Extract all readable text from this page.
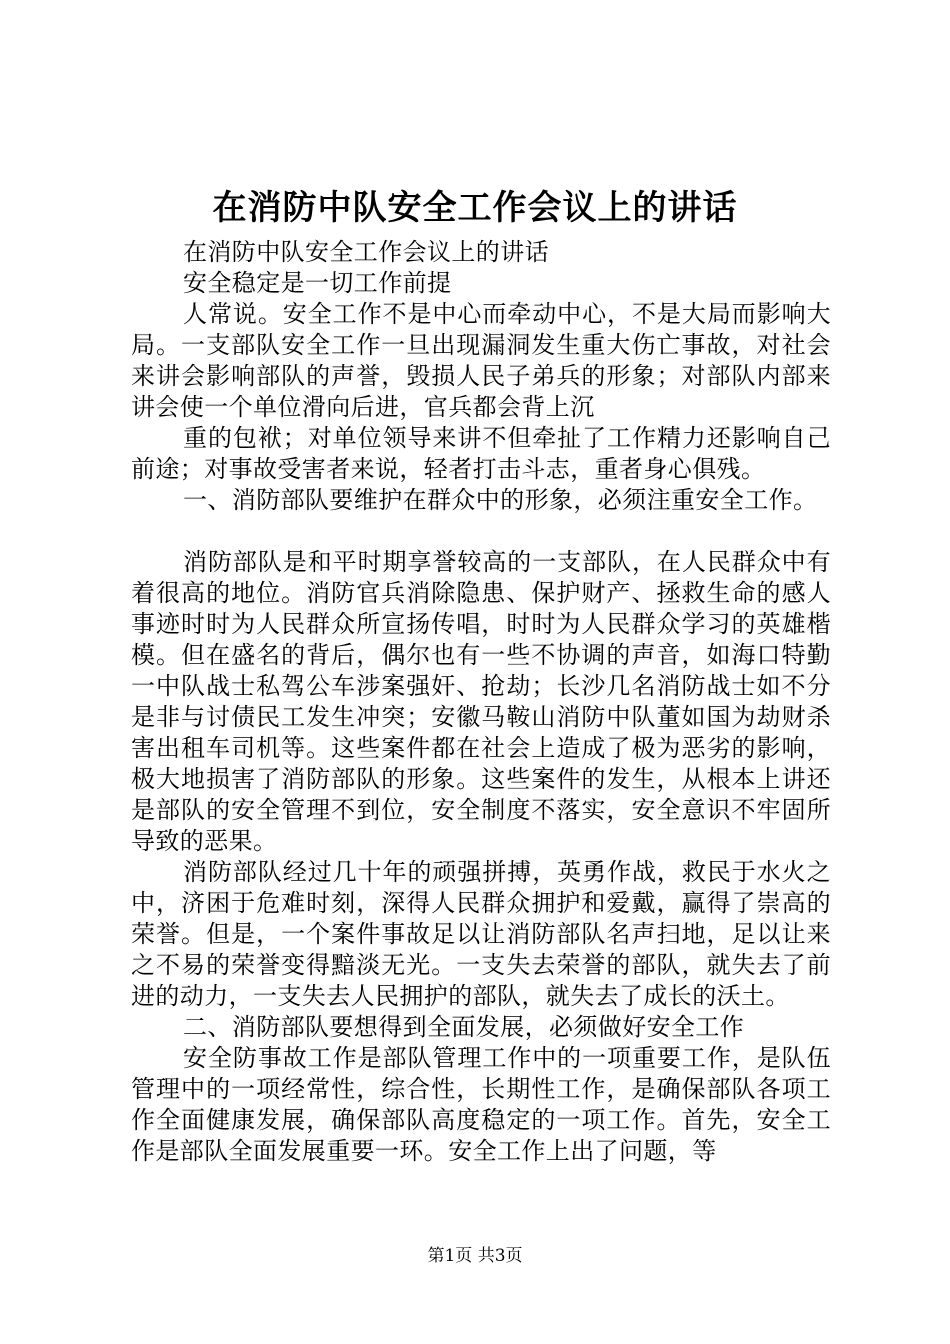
在消防中队安全工作会议上的讲话

在消防中队安全工作会议上的讲话

安全稳定是一切工作前提

人常说。安全工作不是中心而牵动中心，不是大局而影响大局。一支部队安全工作一旦出现漏洞发生重大伤亡事故，对社会来讲会影响部队的声誉，毁损人民子弟兵的形象；对部队内部来讲会使一个单位滑向后进，官兵都会背上沉

重的包袱；对单位领导来讲不但牵扯了工作精力还影响自己前途；对事故受害者来说，轻者打击斗志，重者身心俱残。

一、消防部队要维护在群众中的形象，必须注重安全工作。

消防部队是和平时期享誉较高的一支部队，在人民群众中有着很高的地位。消防官兵消除隐患、保护财产、拯救生命的感人事迹时时为人民群众所宣扬传唱，时时为人民群众学习的英雄楷模。但在盛名的背后，偶尔也有一些不协调的声音，如海口特勤一中队战士私驾公车涉案强奸、抢劫；长沙几名消防战士如不分是非与讨债民工发生冲突；安徽马鞍山消防中队董如国为劫财杀害出租车司机等。这些案件都在社会上造成了极为恶劣的影响，极大地损害了消防部队的形象。这些案件的发生，从根本上讲还是部队的安全管理不到位，安全制度不落实，安全意识不牢固所导致的恶果。

消防部队经过几十年的顽强拼搏，英勇作战，救民于水火之中，济困于危难时刻，深得人民群众拥护和爱戴，赢得了崇高的荣誉。但是，一个案件事故足以让消防部队名声扫地，足以让来之不易的荣誉变得黯淡无光。一支失去荣誉的部队，就失去了前进的动力，一支失去人民拥护的部队，就失去了成长的沃土。

二、消防部队要想得到全面发展，必须做好安全工作

安全防事故工作是部队管理工作中的一项重要工作，是队伍管理中的一项经常性，综合性，长期性工作，是确保部队各项工作全面健康发展，确保部队高度稳定的一项工作。首先，安全工作是部队全面发展重要一环。安全工作上出了问题，等

第1页 共3页
